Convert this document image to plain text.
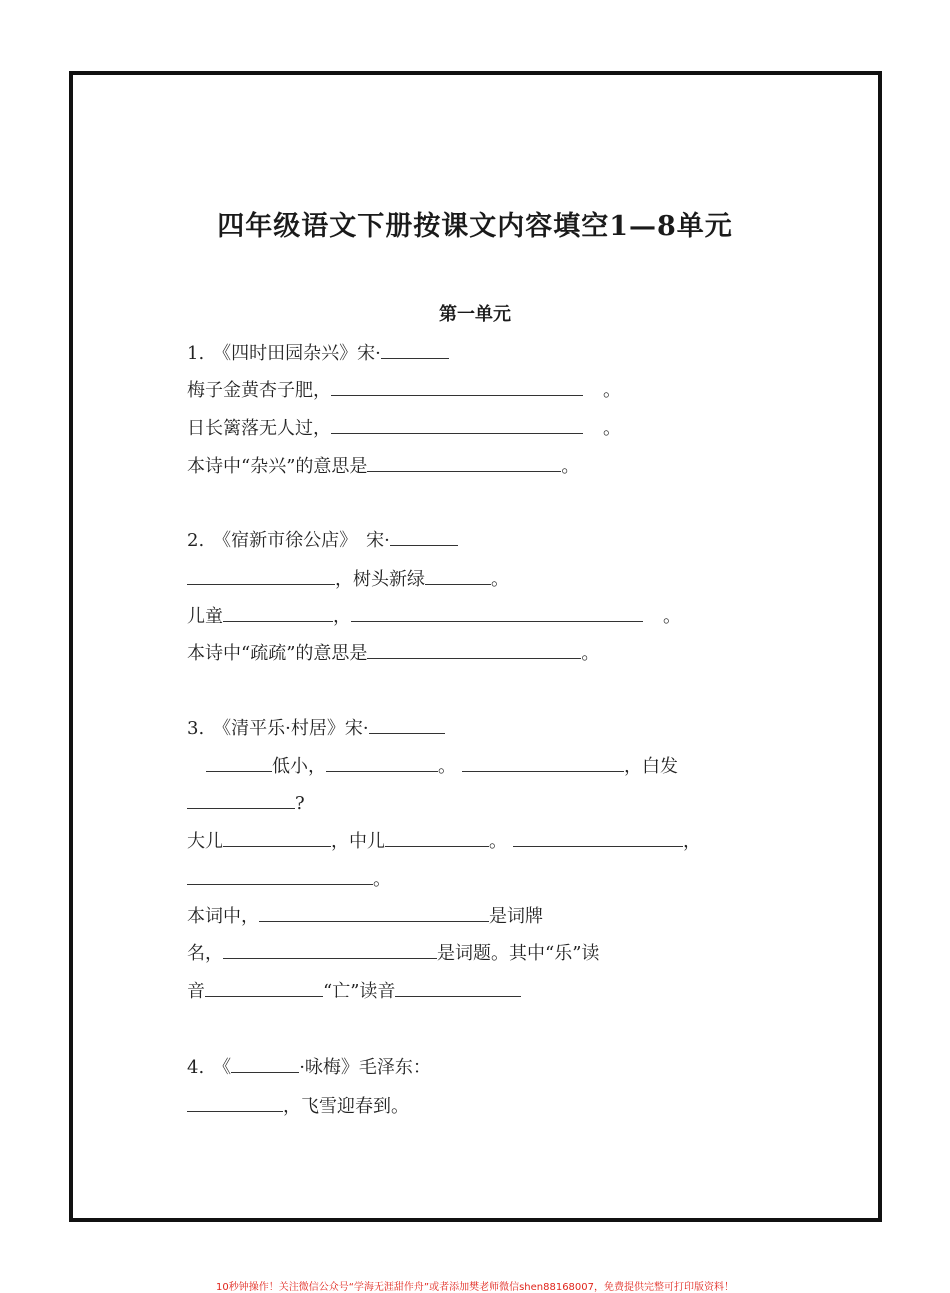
四年级语文下册按课文内容填空1—8单元
第一单元
1.　《四时田园杂兴》宋·
梅子金黄杏子肥，	。
日长篱落无人过，	。
本诗中“杂兴”的意思是	。
2.　《宿新市徐公店》　宋·
，树头新绿	。
儿童	，	。
本诗中“疏疏”的意思是	。
3.　《清平乐·村居》宋·
低小，	。	，白发
?
大儿	，中儿	。	，
。
本词中，	是词牌
名，	是词题。其中“乐”读
音	“亡”读音
4.　《	·咏梅》毛泽东：
，飞雪迎春到。
10秒钟操作！关注微信公众号“学海无涯甜作舟”或者添加樊老师微信shen88168007，免费提供完整可打印版资料！
